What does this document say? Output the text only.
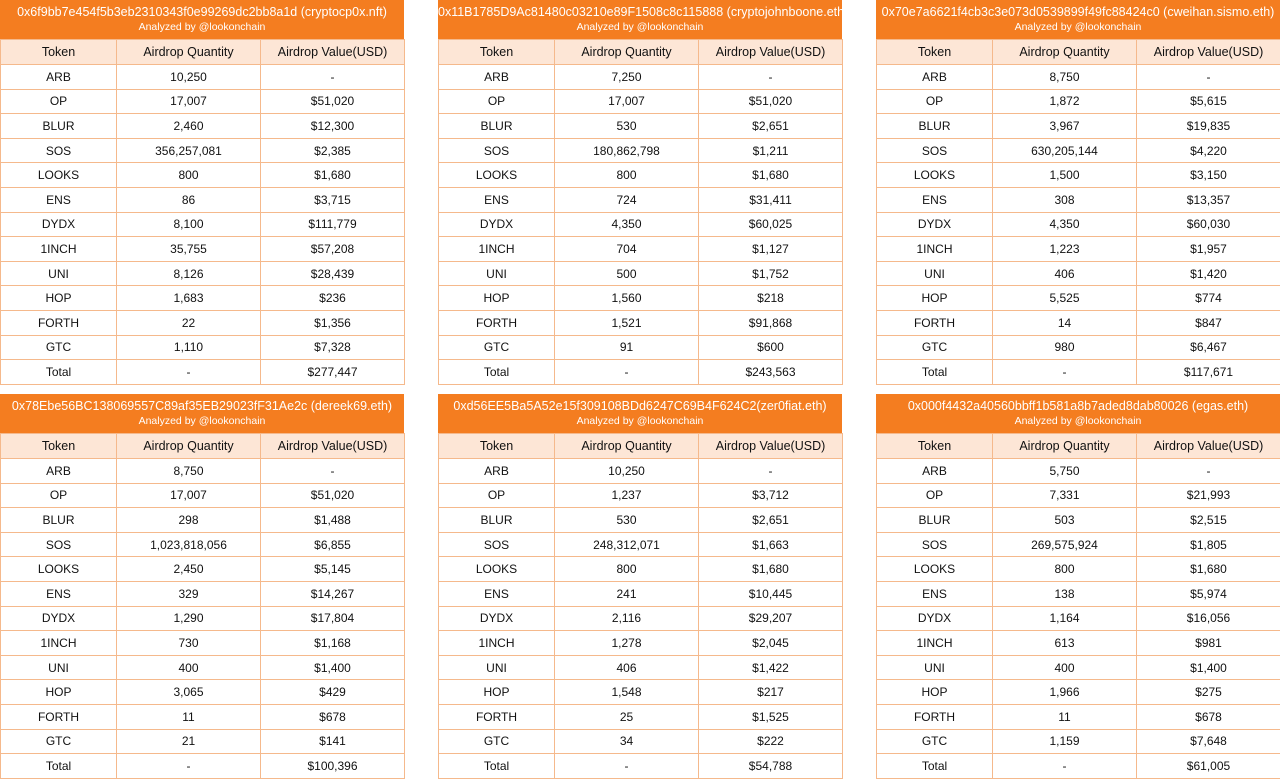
0x6f9bb7e454f5b3eb2310343f0e99269dc2bb8a1d (cryptocp0x.nft)
Analyzed by @lookonchain
Token	Airdrop Quantity	Airdrop Value(USD)
ARB	10,250	-
OP	17,007	$51,020
BLUR	2,460	$12,300
SOS	356,257,081	$2,385
LOOKS	800	$1,680
ENS	86	$3,715
DYDX	8,100	$111,779
1INCH	35,755	$57,208
UNI	8,126	$28,439
HOP	1,683	$236
FORTH	22	$1,356
GTC	1,110	$7,328
Total	-	$277,447
0x11B1785D9Ac81480c03210e89F1508c8c115888 (cryptojohnboone.eth)
Analyzed by @lookonchain
Token	Airdrop Quantity	Airdrop Value(USD)
ARB	7,250	-
OP	17,007	$51,020
BLUR	530	$2,651
SOS	180,862,798	$1,211
LOOKS	800	$1,680
ENS	724	$31,411
DYDX	4,350	$60,025
1INCH	704	$1,127
UNI	500	$1,752
HOP	1,560	$218
FORTH	1,521	$91,868
GTC	91	$600
Total	-	$243,563
0x70e7a6621f4cb3c3e073d0539899f49fc88424c0 (cweihan.sismo.eth)
Analyzed by @lookonchain
Token	Airdrop Quantity	Airdrop Value(USD)
ARB	8,750	-
OP	1,872	$5,615
BLUR	3,967	$19,835
SOS	630,205,144	$4,220
LOOKS	1,500	$3,150
ENS	308	$13,357
DYDX	4,350	$60,030
1INCH	1,223	$1,957
UNI	406	$1,420
HOP	5,525	$774
FORTH	14	$847
GTC	980	$6,467
Total	-	$117,671
0x78Ebe56BC138069557C89af35EB29023fF31Ae2c (dereek69.eth)
Analyzed by @lookonchain
Token	Airdrop Quantity	Airdrop Value(USD)
ARB	8,750	-
OP	17,007	$51,020
BLUR	298	$1,488
SOS	1,023,818,056	$6,855
LOOKS	2,450	$5,145
ENS	329	$14,267
DYDX	1,290	$17,804
1INCH	730	$1,168
UNI	400	$1,400
HOP	3,065	$429
FORTH	11	$678
GTC	21	$141
Total	-	$100,396
0xd56EE5Ba5A52e15f309108BDd6247C69B4F624C2(zer0fiat.eth)
Analyzed by @lookonchain
Token	Airdrop Quantity	Airdrop Value(USD)
ARB	10,250	-
OP	1,237	$3,712
BLUR	530	$2,651
SOS	248,312,071	$1,663
LOOKS	800	$1,680
ENS	241	$10,445
DYDX	2,116	$29,207
1INCH	1,278	$2,045
UNI	406	$1,422
HOP	1,548	$217
FORTH	25	$1,525
GTC	34	$222
Total	-	$54,788
0x000f4432a40560bbff1b581a8b7aded8dab80026 (egas.eth)
Analyzed by @lookonchain
Token	Airdrop Quantity	Airdrop Value(USD)
ARB	5,750	-
OP	7,331	$21,993
BLUR	503	$2,515
SOS	269,575,924	$1,805
LOOKS	800	$1,680
ENS	138	$5,974
DYDX	1,164	$16,056
1INCH	613	$981
UNI	400	$1,400
HOP	1,966	$275
FORTH	11	$678
GTC	1,159	$7,648
Total	-	$61,005
